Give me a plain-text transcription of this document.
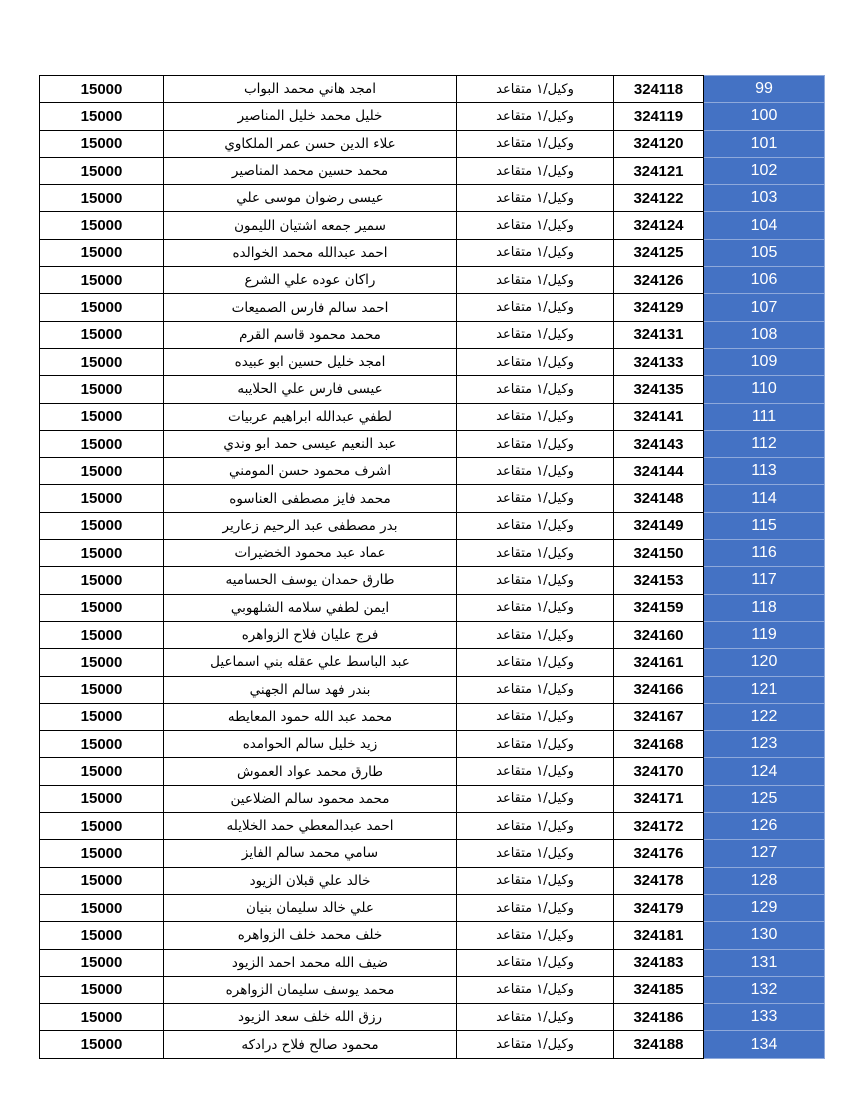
15000	امجد هاني محمد البواب	وكيل/١ متقاعد	324118	99
15000	خليل محمد خليل المناصير	وكيل/١ متقاعد	324119	100
15000	علاء الدين حسن عمر الملكاوي	وكيل/١ متقاعد	324120	101
15000	محمد حسين محمد المناصير	وكيل/١ متقاعد	324121	102
15000	عيسى رضوان موسى علي	وكيل/١ متقاعد	324122	103
15000	سمير جمعه اشتيان الليمون	وكيل/١ متقاعد	324124	104
15000	احمد عبدالله محمد الخوالده	وكيل/١ متقاعد	324125	105
15000	راكان عوده علي الشرع	وكيل/١ متقاعد	324126	106
15000	احمد سالم فارس الصميعات	وكيل/١ متقاعد	324129	107
15000	محمد محمود قاسم القرم	وكيل/١ متقاعد	324131	108
15000	امجد خليل حسين ابو عبيده	وكيل/١ متقاعد	324133	109
15000	عيسى فارس علي الحلايبه	وكيل/١ متقاعد	324135	110
15000	لطفي عبدالله ابراهيم عربيات	وكيل/١ متقاعد	324141	111
15000	عبد النعيم عيسى حمد ابو وندي	وكيل/١ متقاعد	324143	112
15000	اشرف محمود حسن المومني	وكيل/١ متقاعد	324144	113
15000	محمد فايز مصطفى العناسوه	وكيل/١ متقاعد	324148	114
15000	بدر مصطفى عبد الرحيم زعارير	وكيل/١ متقاعد	324149	115
15000	عماد عبد محمود الخضيرات	وكيل/١ متقاعد	324150	116
15000	طارق حمدان يوسف الحساميه	وكيل/١ متقاعد	324153	117
15000	ايمن لطفي سلامه الشلهوبي	وكيل/١ متقاعد	324159	118
15000	فرج عليان فلاح الزواهره	وكيل/١ متقاعد	324160	119
15000	عبد الباسط علي عقله بني اسماعيل	وكيل/١ متقاعد	324161	120
15000	بندر فهد سالم الجهني	وكيل/١ متقاعد	324166	121
15000	محمد عبد الله حمود المعايطه	وكيل/١ متقاعد	324167	122
15000	زيد خليل سالم الحوامده	وكيل/١ متقاعد	324168	123
15000	طارق محمد عواد العموش	وكيل/١ متقاعد	324170	124
15000	محمد محمود سالم الضلاعين	وكيل/١ متقاعد	324171	125
15000	احمد عبدالمعطي حمد الخلايله	وكيل/١ متقاعد	324172	126
15000	سامي محمد سالم الفايز	وكيل/١ متقاعد	324176	127
15000	خالد علي قبلان الزيود	وكيل/١ متقاعد	324178	128
15000	علي خالد سليمان بنيان	وكيل/١ متقاعد	324179	129
15000	خلف محمد خلف الزواهره	وكيل/١ متقاعد	324181	130
15000	ضيف الله محمد احمد الزيود	وكيل/١ متقاعد	324183	131
15000	محمد يوسف سليمان الزواهره	وكيل/١ متقاعد	324185	132
15000	رزق الله خلف سعد الزيود	وكيل/١ متقاعد	324186	133
15000	محمود صالح فلاح درادكه	وكيل/١ متقاعد	324188	134
